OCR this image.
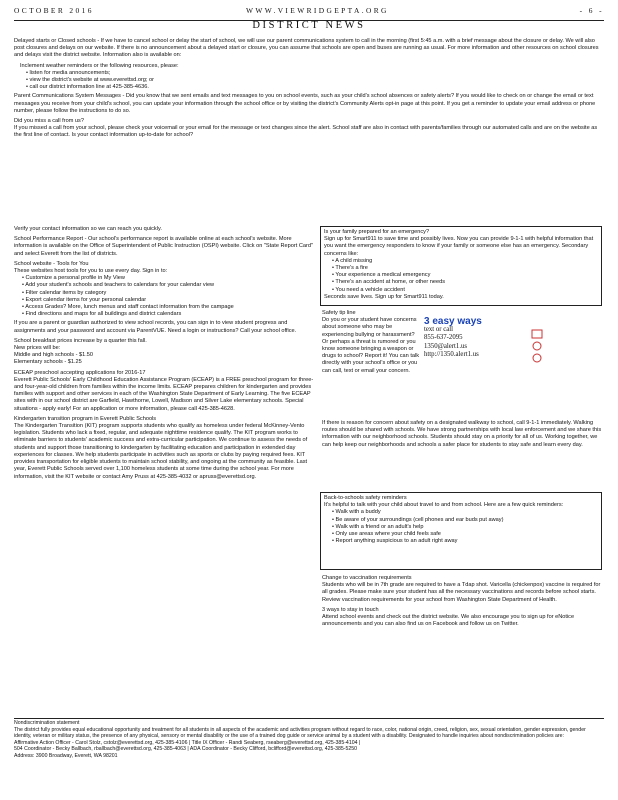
OCTOBER 2016	WWW.VIEWRIDGEPTA.ORG	- 6 -
DISTRICT NEWS

Delayed starts or Closed schools - If we have to cancel school or delay the start of school, we will use our parent communications system to call in the morning (first 5:45 a.m. with a brief message about the closure or delay. We will also post closures and delays on our website. If there is no announcement about a delayed start or closure, you can assume that schools are open and buses are running as usual. For more information and other resources on school closures and delays visit the district website. Information also is available on:

Inclement weather reminders or the following resources, please:

• listen for media announcements;
• view the district's website at www.everettsd.org; or
• call our district information line at 425-385-4636.

Parent Communications System Messages - Did you know that we sent emails and text messages to you on school events, such as your child's school absences or safety alerts? If you would like to check on or change the email or text messages you receive from your child's school, you can update your information through the school office or by visiting the district's Community Alerts opt-in page at this point. If you get a reminder to update your email address or phone number, please follow the instructions to do so.

Did you miss a call from us?

If you missed a call from your school, please check your voicemail or your email for the message or text changes since the alert. School staff are also in contact with parents/families through our automated calls and are on the website as the first line of contact. Is your contact information up-to-date for school?

Verify your contact information so we can reach you quickly.

School Performance Report - Our school's performance report is available online at each school's website. More information is available on the Office of Superintendent of Public Instruction (OSPI) website. Click on "State Report Card" and select Everett from the list of districts.

School website - Tools for You

These websites host tools for you to use every day. Sign in to:

• Customize a personal profile in My View
• Add your student's schools and teachers to calendars for your calendar view
• Filter calendar items by category
• Export calendar items for your personal calendar
• Access Grades? More, lunch menus and staff contact information from the campage
• Find directions and maps for all buildings and district calendars

If you are a parent or guardian authorized to view school records, you can sign in to view student progress and assignments and your password and account via ParentVUE. Need a login or instructions? Call your school office.

School breakfast prices increase by a quarter this fall.

New prices will be:

Middle and high schools - $1.50

Elementary schools - $1.25

ECEAP preschool accepting applications for 2016-17

Everett Public Schools' Early Childhood Education Assistance Program (ECEAP) is a FREE preschool program for three- and four-year-old children from families within the income limits. ECEAP prepares children for kindergarten and provides families with support and other services in each of the Washington State Department of Early Learning. The five ECEAP sites with in our school district are Garfield, Hawthorne, Lowell, Madison and Silver Lake elementary schools. Special situations - apply early! For an application or more information, please call 425-385-4628.

Kindergarten transition program in Everett Public Schools

The Kindergarten Transition (KIT) program supports students who qualify as homeless under federal McKinney-Vento legislation. Students who lack a fixed, regular, and adequate nighttime residence qualify. The KIT program works to eliminate barriers to students' academic success and extra-curricular participation. We continue to assess the needs of students and support those transitioning to kindergarten by facilitating education and participation in extended day experiences for classes. We help students participate in activities such as sports or clubs by paying required fees. KIT provides transportation for eligible students to maintain school stability, and ongoing at the community as feasible. Last year, Everett Public Schools served over 1,100 homeless students at some time during the school year. For more information, visit the KIT website or contact Amy Pruss at 425-385-4032 or apruss@everettsd.org.

Is your family prepared for an emergency?

Sign up for Smart911 to save time and possibly lives. Now you can provide 9-1-1 with helpful information that you want the emergency responders to know if your family or someone else has an emergency. Secondary concerns like:

• A child missing
• There's a fire
• Your experience a medical emergency
• There's an accident at home, or other needs
• You need a vehicle accident

Seconds save lives. Sign up for Smart911 today.

Safety tip line

Do you or your student have concerns about someone who may be experiencing bullying or harassment? Or perhaps a threat is rumored or you know someone bringing a weapon or drugs to school? Report it! You can talk directly with your school's office or you can call, text or email your concern.

3 easy ways
text or call
855-637-2095
1350@alert1.us
http://1350.alert1.us

If there is reason for concern about safety on a designated walkway to school, call 9-1-1 immediately. Walking routes should be shared with schools. We have strong partnerships with local law enforcement and we share this information with our neighborhood schools. Students should stay on a priority for all of us. Working together, we can help keep our neighborhoods and schools a safer place for students to stay safe and learn every day.

Back-to-schools safety reminders

It's helpful to talk with your child about travel to and from school. Here are a few quick reminders:

• Walk with a buddy
• Be aware of your surroundings (cell phones and ear buds put away)
• Walk with a friend or an adult's help
• Only use areas where your child feels safe
• Report anything suspicious to an adult right away

Change to vaccination requirements

Students who will be in 7th grade are required to have a Tdap shot. Varicella (chickenpox) vaccine is required for all grades. Please make sure your student has all the necessary vaccinations and records before school starts. Review vaccination requirements for your school from Washington State Department of Health.

3 ways to stay in touch

Attend school events and check out the district website. We also encourage you to sign up for eNotice announcements and you can also find us on Facebook and follow us on Twitter.

Nondiscrimination statement
The district fully provides equal educational opportunity and treatment for all students in all aspects of the academic and activities program without regard to race, color, national origin, creed, religion, sex, sexual orientation, gender expression, gender identity, veteran or military status, the presence of any physical, sensory or mental disability or the use of a trained dog guide or service animal by a student with a disability. Designated to handle inquiries about nondiscrimination policies are:
Affirmative Action Officer - Carol Stolz, cstolz@everettsd.org, 425-385-4106 | Title IX Officer - Randi Seaberg, rseaberg@everettsd.org, 425-385-4104 |
504 Coordinator - Becky Ballbach, rballbach@everettsd.org, 425-385-4063 | ADA Coordinator - Becky Clifford, bclifford@everettsd.org, 425-385-5250
Address: 3900 Broadway, Everett, WA 98201
